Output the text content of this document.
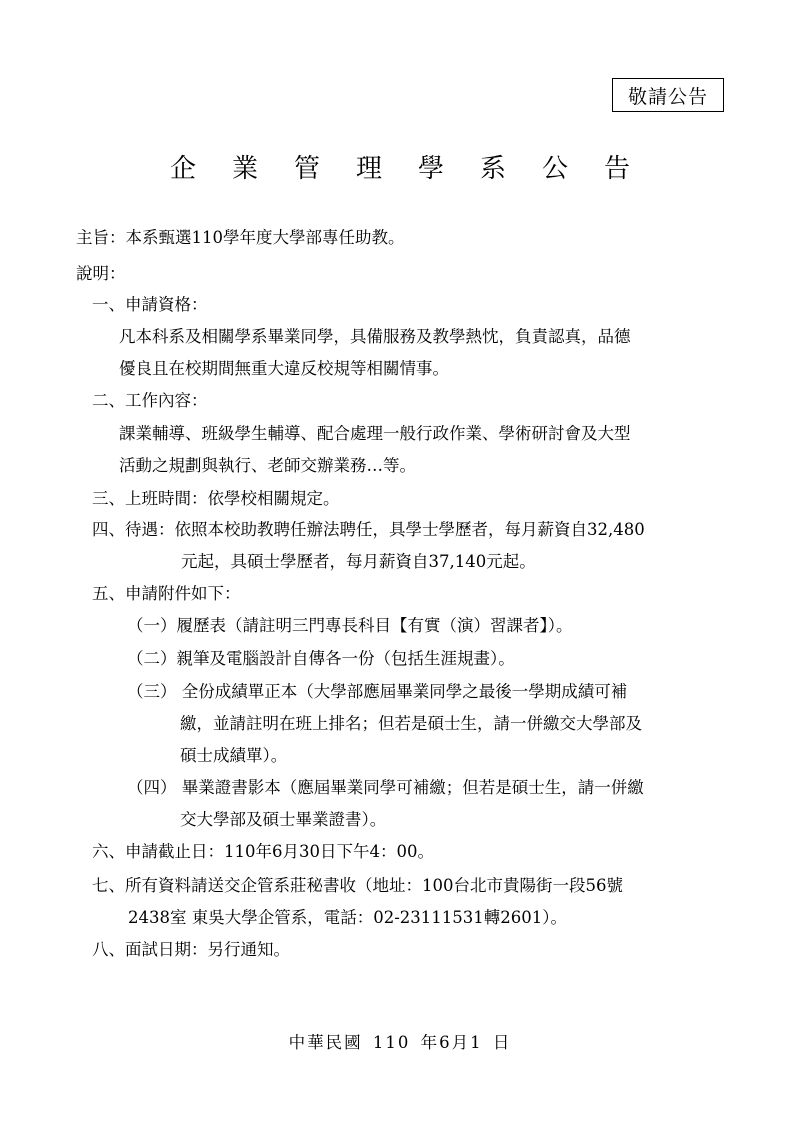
敬請公告
企業管理學系公告
主旨：本系甄選110學年度大學部專任助教。
說明：
一、申請資格：
凡本科系及相關學系畢業同學，具備服務及教學熱忱，負責認真，品德
優良且在校期間無重大違反校規等相關情事。
二、工作內容：
課業輔導、班級學生輔導、配合處理一般行政作業、學術研討會及大型
活動之規劃與執行、老師交辦業務…等。
三、上班時間：依學校相關規定。
四、待遇：依照本校助教聘任辦法聘任，具學士學歷者，每月薪資自32,480
元起，具碩士學歷者，每月薪資自37,140元起。
五、申請附件如下：
（一）履歷表（請註明三門專長科目【有實（演）習課者】）。
（二）親筆及電腦設計自傳各一份（包括生涯規畫）。
（三） 全份成績單正本（大學部應屆畢業同學之最後一學期成績可補
繳，並請註明在班上排名；但若是碩士生，請一併繳交大學部及
碩士成績單）。
（四） 畢業證書影本（應屆畢業同學可補繳；但若是碩士生，請一併繳
交大學部及碩士畢業證書）。
六、申請截止日：110年6月30日下午4：00。
七、所有資料請送交企管系莊秘書收（地址：100台北市貴陽街一段56號
2438室 東吳大學企管系，電話：02-23111531轉2601）。
八、面試日期：另行通知。
中華民國 110 年6月1 日
